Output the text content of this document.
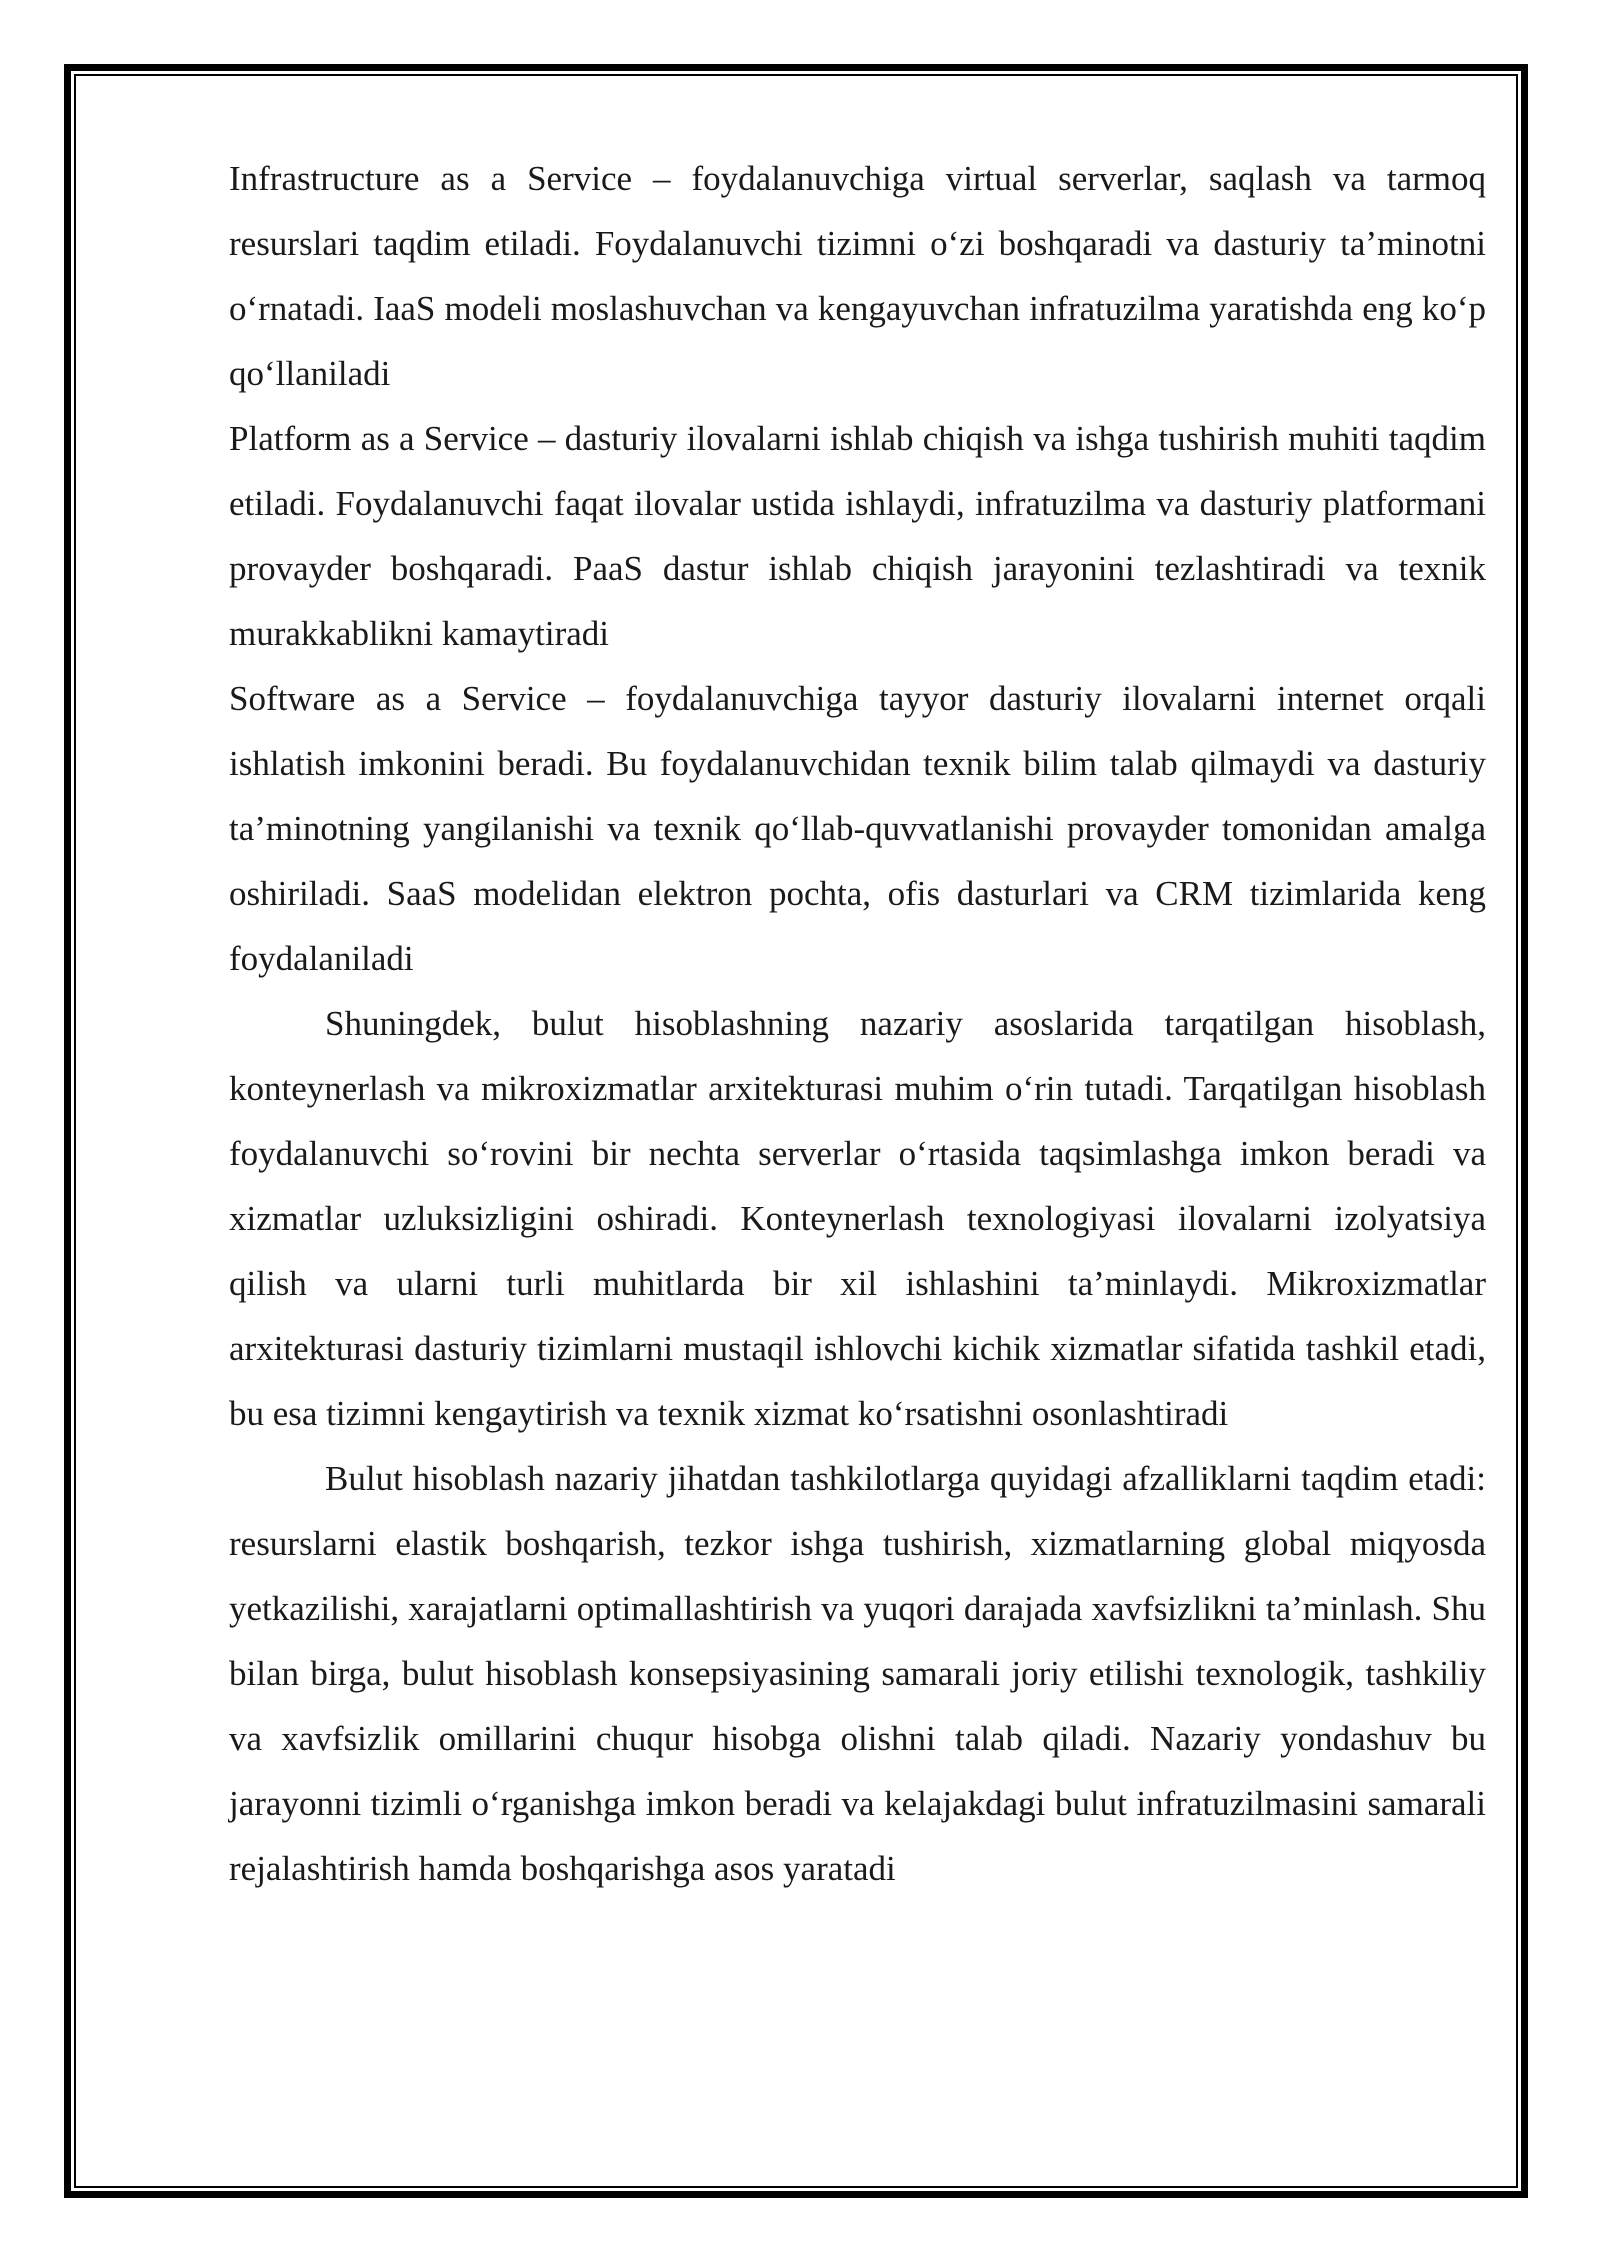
Infrastructure as a Service – foydalanuvchiga virtual serverlar, saqlash va tarmoq resurslari taqdim etiladi. Foydalanuvchi tizimni o‘zi boshqaradi va dasturiy ta’minotni o‘rnatadi. IaaS modeli moslashuvchan va kengayuvchan infratuzilma yaratishda eng ko‘p qo‘llaniladi

Platform as a Service – dasturiy ilovalarni ishlab chiqish va ishga tushirish muhiti taqdim etiladi. Foydalanuvchi faqat ilovalar ustida ishlaydi, infratuzilma va dasturiy platformani provayder boshqaradi. PaaS dastur ishlab chiqish jarayonini tezlashtiradi va texnik murakkablikni kamaytiradi

Software as a Service – foydalanuvchiga tayyor dasturiy ilovalarni internet orqali ishlatish imkonini beradi. Bu foydalanuvchidan texnik bilim talab qilmaydi va dasturiy ta’minotning yangilanishi va texnik qo‘llab-quvvatlanishi provayder tomonidan amalga oshiriladi. SaaS modelidan elektron pochta, ofis dasturlari va CRM tizimlarida keng foydalaniladi

Shuningdek, bulut hisoblashning nazariy asoslarida tarqatilgan hisoblash, konteynerlash va mikroxizmatlar arxitekturasi muhim o‘rin tutadi. Tarqatilgan hisoblash foydalanuvchi so‘rovini bir nechta serverlar o‘rtasida taqsimlashga imkon beradi va xizmatlar uzluksizligini oshiradi. Konteynerlash texnologiyasi ilovalarni izolyatsiya qilish va ularni turli muhitlarda bir xil ishlashini ta’minlaydi. Mikroxizmatlar arxitekturasi dasturiy tizimlarni mustaqil ishlovchi kichik xizmatlar sifatida tashkil etadi, bu esa tizimni kengaytirish va texnik xizmat ko‘rsatishni osonlashtiradi

Bulut hisoblash nazariy jihatdan tashkilotlarga quyidagi afzalliklarni taqdim etadi: resurslarni elastik boshqarish, tezkor ishga tushirish, xizmatlarning global miqyosda yetkazilishi, xarajatlarni optimallashtirish va yuqori darajada xavfsizlikni ta’minlash. Shu bilan birga, bulut hisoblash konsepsiyasining samarali joriy etilishi texnologik, tashkiliy va xavfsizlik omillarini chuqur hisobga olishni talab qiladi. Nazariy yondashuv bu jarayonni tizimli o‘rganishga imkon beradi va kelajakdagi bulut infratuzilmasini samarali rejalashtirish hamda boshqarishga asos yaratadi
